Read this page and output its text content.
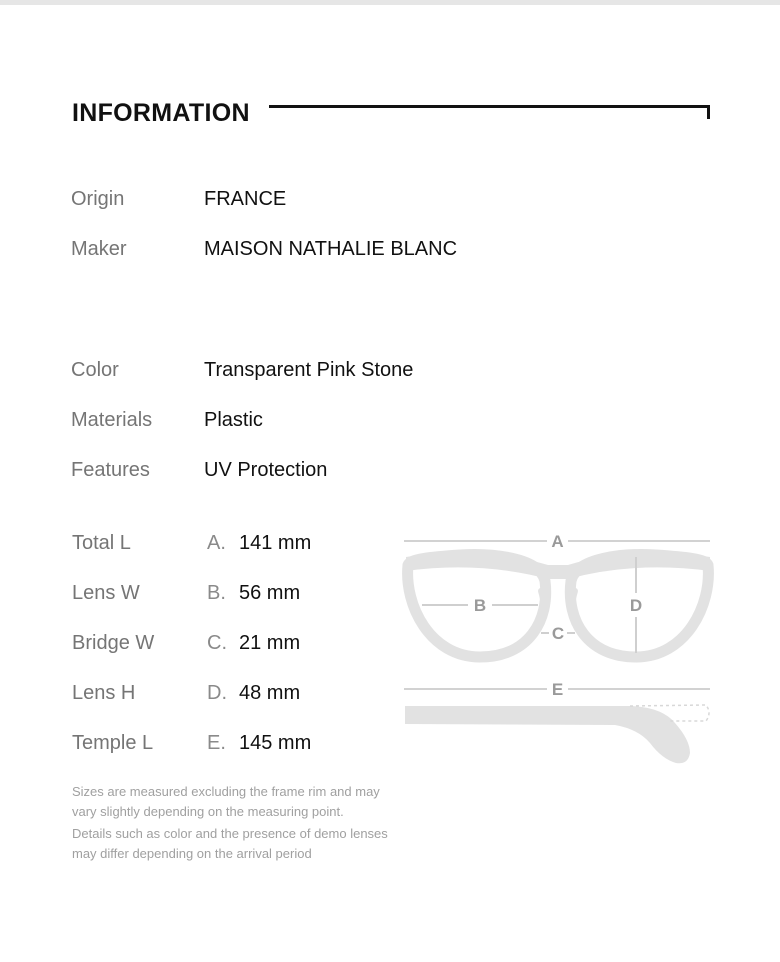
INFORMATION
Origin	FRANCE
Maker	MAISON NATHALIE BLANC
Color	Transparent Pink Stone
Materials	Plastic
Features	UV Protection
Total L	A. 141 mm
Lens W	B. 56 mm
Bridge W	C. 21 mm
Lens H	D. 48 mm
Temple L	E. 145 mm
Sizes are measured excluding the frame rim and may vary slightly depending on the measuring point.
Details such as color and the presence of demo lenses may differ depending on the arrival period
A
B
C
D
E
